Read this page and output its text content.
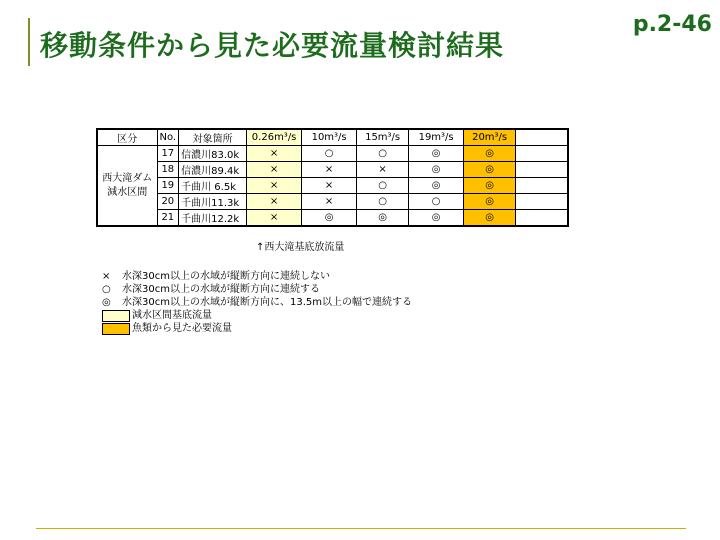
移動条件から見た必要流量検討結果
p.2-46
区分	No.	対象箇所	0.26m³/s	10m³/s	15m³/s	19m³/s	20m³/s	
西大滝ダム
減水区間	17	信濃川83.0k	×	○	○	◎	◎	
	18	信濃川89.4k	×	×	×	◎	◎	
	19	千曲川 6.5k	×	×	○	◎	◎	
	20	千曲川11.3k	×	×	○	○	◎	
	21	千曲川12.2k	×	◎	◎	◎	◎	
↑西大滝基底放流量
×	水深30cm以上の水域が縦断方向に連続しない
○	水深30cm以上の水域が縦断方向に連続する
◎	水深30cm以上の水域が縦断方向に、13.5m以上の幅で連続する
減水区間基底流量
魚類から見た必要流量
